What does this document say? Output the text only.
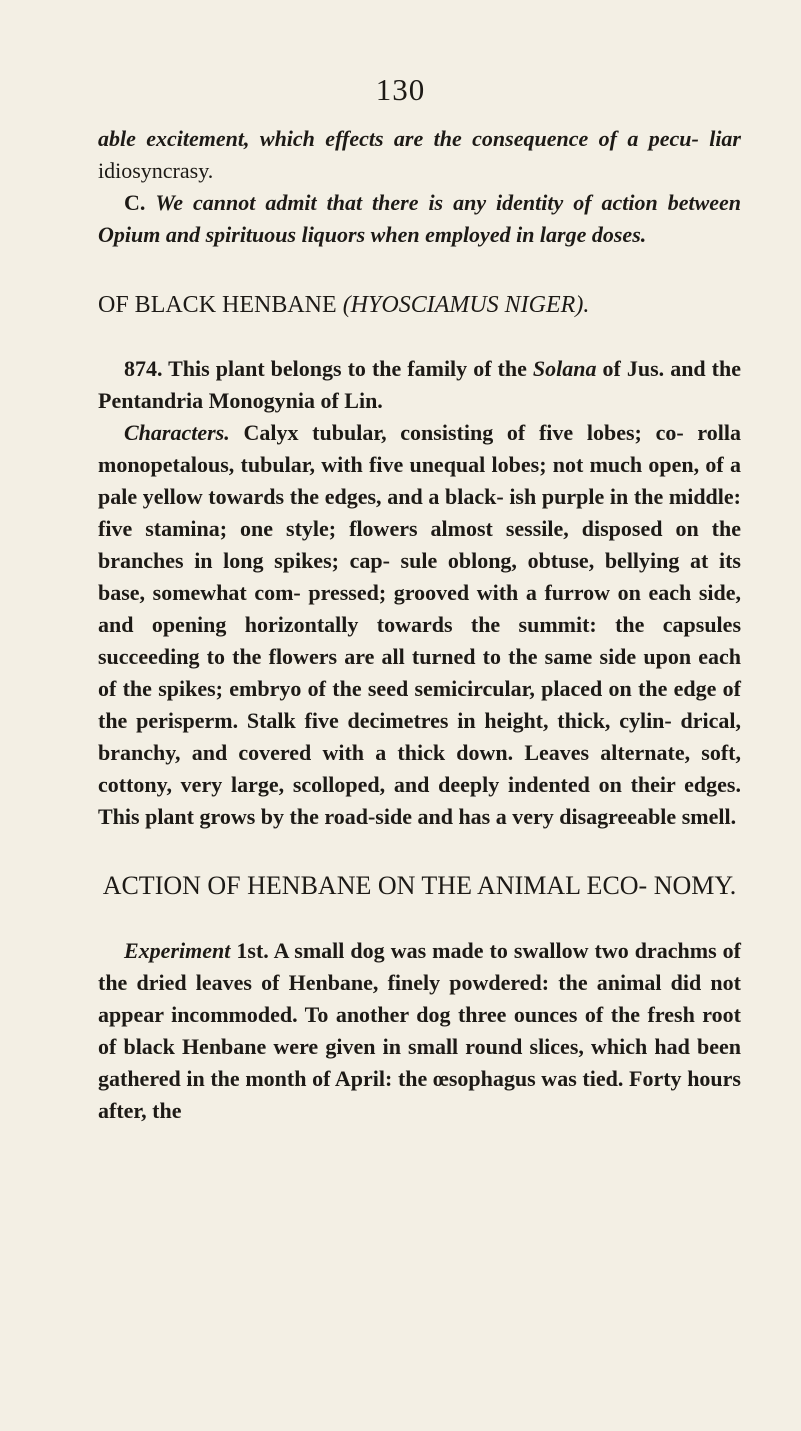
130

able excitement, which effects are the consequence of a pecu- liar idiosyncrasy.

C. We cannot admit that there is any identity of action between Opium and spirituous liquors when employed in large doses.

OF BLACK HENBANE (HYOSCIAMUS NIGER).

874. This plant belongs to the family of the Solana of Jus. and the Pentandria Monogynia of Lin.

Characters. Calyx tubular, consisting of five lobes; co- rolla monopetalous, tubular, with five unequal lobes; not much open, of a pale yellow towards the edges, and a black- ish purple in the middle: five stamina; one style; flowers almost sessile, disposed on the branches in long spikes; cap- sule oblong, obtuse, bellying at its base, somewhat com- pressed; grooved with a furrow on each side, and opening horizontally towards the summit: the capsules succeeding to the flowers are all turned to the same side upon each of the spikes; embryo of the seed semicircular, placed on the edge of the perisperm. Stalk five decimetres in height, thick, cylin- drical, branchy, and covered with a thick down. Leaves alternate, soft, cottony, very large, scolloped, and deeply indented on their edges. This plant grows by the road-side and has a very disagreeable smell.

ACTION OF HENBANE ON THE ANIMAL ECO- NOMY.

Experiment 1st. A small dog was made to swallow two drachms of the dried leaves of Henbane, finely powdered: the animal did not appear incommoded. To another dog three ounces of the fresh root of black Henbane were given in small round slices, which had been gathered in the month of April: the œsophagus was tied. Forty hours after, the
